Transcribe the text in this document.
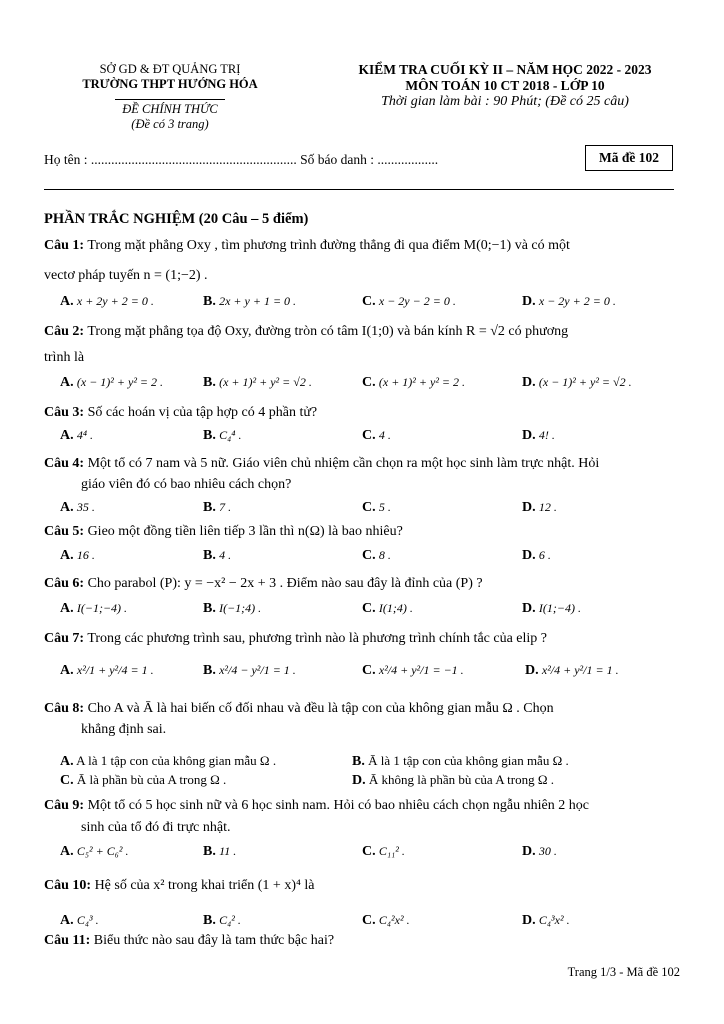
SỞ GD & ĐT QUẢNG TRỊ
TRƯỜNG THPT HƯỚNG HÓA
ĐỀ CHÍNH THỨC
(Đề có 3 trang)
KIỂM TRA CUỐI KỲ II – NĂM HỌC 2022 - 2023
MÔN TOÁN 10 CT 2018 - LỚP 10
Thời gian làm bài : 90 Phút; (Đề có 25 câu)
Họ tên : ............................................................. Số báo danh : ..................	Mã đề 102
PHẦN TRẮC NGHIỆM (20 Câu – 5 điểm)
Câu 1: Trong mặt phẳng Oxy , tìm phương trình đường thẳng đi qua điểm M(0;−1) và có một
vectơ pháp tuyến n = (1;−2) .
A. x + 2y + 2 = 0 .	B. 2x + y + 1 = 0 .	C. x − 2y − 2 = 0 .	D. x − 2y + 2 = 0 .
Câu 2: Trong mặt phẳng tọa độ Oxy, đường tròn có tâm I(1;0) và bán kính R = √2 có phương
trình là
A. (x − 1)² + y² = 2 .	B. (x + 1)² + y² = √2 .	C. (x + 1)² + y² = 2 .	D. (x − 1)² + y² = √2 .
Câu 3: Số các hoán vị của tập hợp có 4 phần tử?
A. 4⁴ .	B. C₄⁴ .	C. 4 .	D. 4! .
Câu 4: Một tổ có 7 nam và 5 nữ. Giáo viên chủ nhiệm cần chọn ra một học sinh làm trực nhật. Hỏi
giáo viên đó có bao nhiêu cách chọn?
A. 35 .	B. 7 .	C. 5 .	D. 12 .
Câu 5: Gieo một đồng tiền liên tiếp 3 lần thì n(Ω) là bao nhiêu?
A. 16 .	B. 4 .	C. 8 .	D. 6 .
Câu 6: Cho parabol (P): y = −x² − 2x + 3 . Điểm nào sau đây là đỉnh của (P) ?
A. I(−1;−4) .	B. I(−1;4) .	C. I(1;4) .	D. I(1;−4) .
Câu 7: Trong các phương trình sau, phương trình nào là phương trình chính tắc của elip ?
A. x²/1 + y²/4 = 1 .	B. x²/4 − y²/1 = 1 .	C. x²/4 + y²/1 = −1 .	D. x²/4 + y²/1 = 1 .
Câu 8: Cho A và Ā là hai biến cố đối nhau và đều là tập con của không gian mẫu Ω . Chọn
khẳng định sai.
A. A là 1 tập con của không gian mẫu Ω .	B. Ā là 1 tập con của không gian mẫu Ω .
C. Ā là phần bù của A trong Ω .	D. Ā không là phần bù của A trong Ω .
Câu 9: Một tổ có 5 học sinh nữ và 6 học sinh nam. Hỏi có bao nhiêu cách chọn ngẫu nhiên 2 học
sinh của tổ đó đi trực nhật.
A. C₅² + C₆² .	B. 11 .	C. C₁₁² .	D. 30 .
Câu 10: Hệ số của x² trong khai triển (1 + x)⁴ là
A. C₄³ .	B. C₄² .	C. C₄²x² .	D. C₄³x² .
Câu 11: Biểu thức nào sau đây là tam thức bậc hai?
Trang 1/3 - Mã đề 102
